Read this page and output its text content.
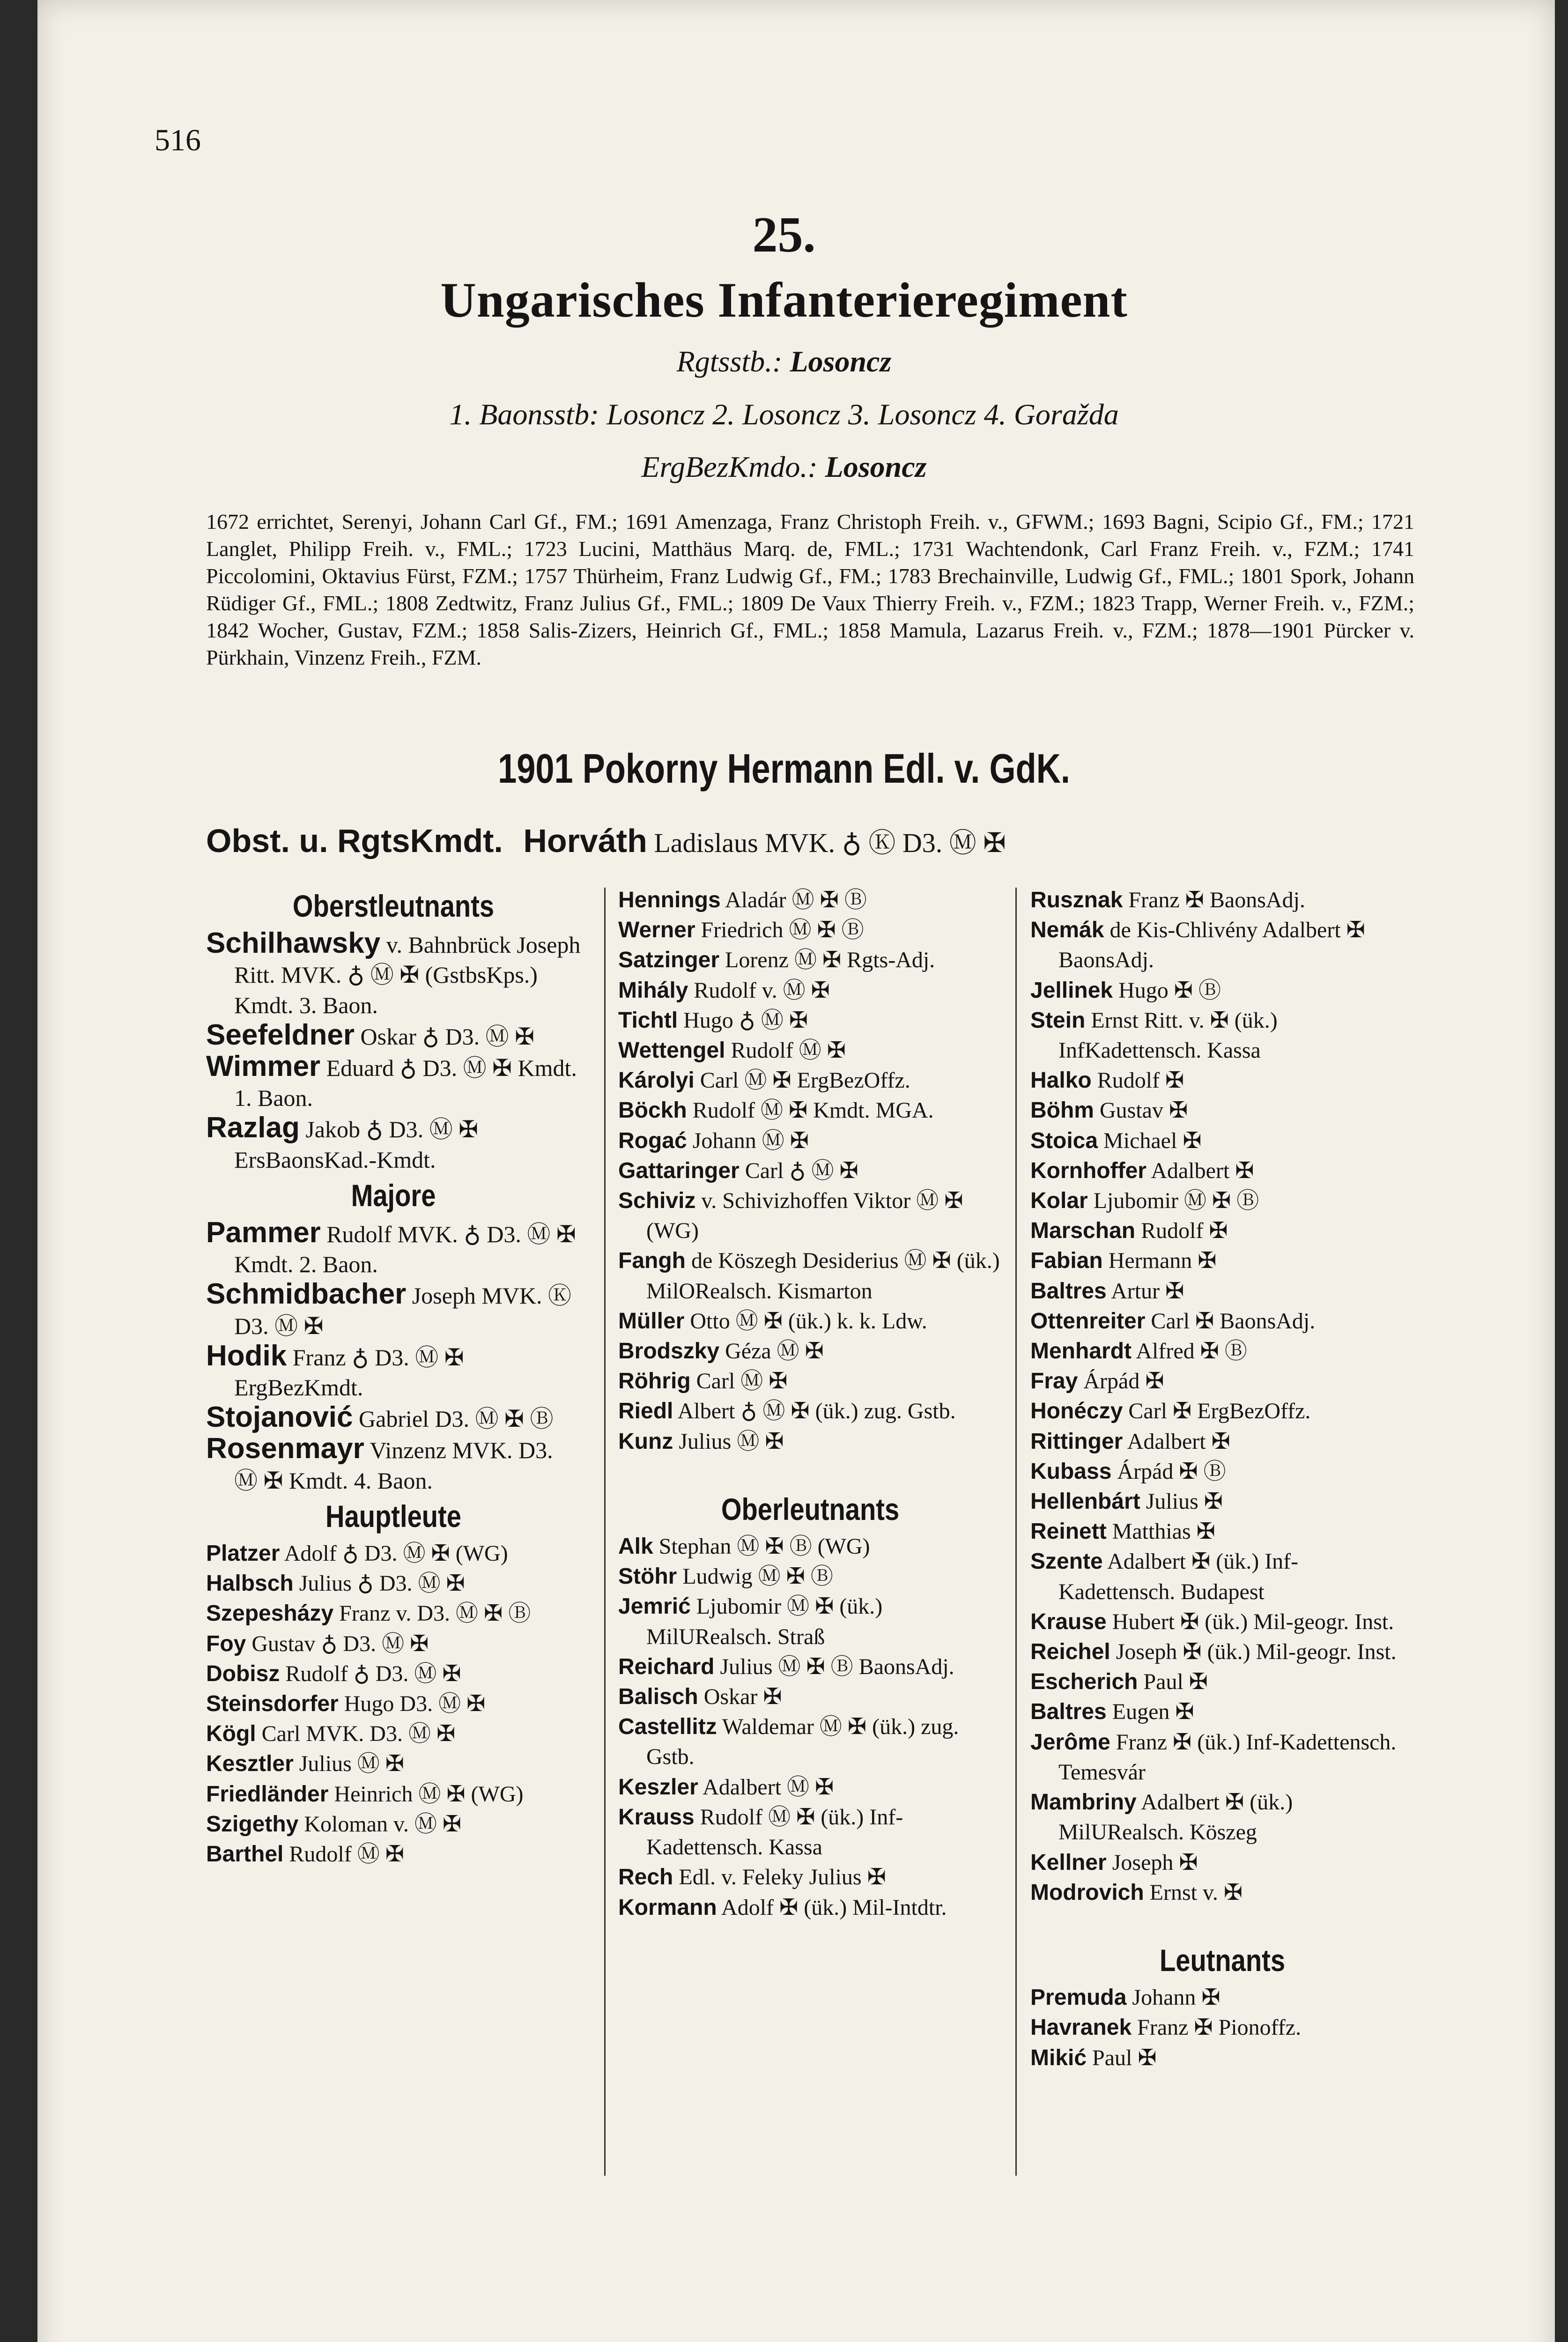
516
25.
Ungarisches Infanterieregiment
Rgtsstb.: Losoncz
1. Baonsstb: Losoncz 2. Losoncz 3. Losoncz 4. Goražda
ErgBezKmdo.: Losoncz
1672 errichtet, Serenyi, Johann Carl Gf., FM.; 1691 Amenzaga, Franz Christoph Freih. v., GFWM.; 1693 Bagni, Scipio Gf., FM.; 1721 Langlet, Philipp Freih. v., FML.; 1723 Lucini, Matthäus Marq. de, FML.; 1731 Wachtendonk, Carl Franz Freih. v., FZM.; 1741 Piccolomini, Oktavius Fürst, FZM.; 1757 Thürheim, Franz Ludwig Gf., FM.; 1783 Brechainville, Ludwig Gf., FML.; 1801 Spork, Johann Rüdiger Gf., FML.; 1808 Zedtwitz, Franz Julius Gf., FML.; 1809 De Vaux Thierry Freih. v., FZM.; 1823 Trapp, Werner Freih. v., FZM.; 1842 Wocher, Gustav, FZM.; 1858 Salis-Zizers, Heinrich Gf., FML.; 1858 Mamula, Lazarus Freih. v., FZM.; 1878—1901 Pürcker v. Pürkhain, Vinzenz Freih., FZM.
1901 Pokorny Hermann Edl. v. GdK.
Obst. u. RgtsKmdt. Horváth Ladislaus MVK. ♁ Ⓚ D3. Ⓜ ✠
Oberstleutnants

Schilhawsky v. Bahnbrück Joseph Ritt. MVK. ♁ Ⓜ ✠ (GstbsKps.) Kmdt. 3. Baon.

Seefeldner Oskar ♁ D3. Ⓜ ✠

Wimmer Eduard ♁ D3. Ⓜ ✠ Kmdt. 1. Baon.

Razlag Jakob ♁ D3. Ⓜ ✠ ErsBaonsKad.-Kmdt.

Majore

Pammer Rudolf MVK. ♁ D3. Ⓜ ✠ Kmdt. 2. Baon.

Schmidbacher Joseph MVK. Ⓚ D3. Ⓜ ✠

Hodik Franz ♁ D3. Ⓜ ✠ ErgBezKmdt.

Stojanović Gabriel D3. Ⓜ ✠ Ⓑ

Rosenmayr Vinzenz MVK. D3. Ⓜ ✠ Kmdt. 4. Baon.

Hauptleute

Platzer Adolf ♁ D3. Ⓜ ✠ (WG)

Halbsch Julius ♁ D3. Ⓜ ✠

Szepesházy Franz v. D3. Ⓜ ✠ Ⓑ

Foy Gustav ♁ D3. Ⓜ ✠

Dobisz Rudolf ♁ D3. Ⓜ ✠

Steinsdorfer Hugo D3. Ⓜ ✠

Kögl Carl MVK. D3. Ⓜ ✠

Kesztler Julius Ⓜ ✠

Friedländer Heinrich Ⓜ ✠ (WG)

Szigethy Koloman v. Ⓜ ✠

Barthel Rudolf Ⓜ ✠

Hennings Aladár Ⓜ ✠ Ⓑ

Werner Friedrich Ⓜ ✠ Ⓑ

Satzinger Lorenz Ⓜ ✠ Rgts-Adj.

Mihály Rudolf v. Ⓜ ✠

Tichtl Hugo ♁ Ⓜ ✠

Wettengel Rudolf Ⓜ ✠

Károlyi Carl Ⓜ ✠ ErgBezOffz.

Böckh Rudolf Ⓜ ✠ Kmdt. MGA.

Rogać Johann Ⓜ ✠

Gattaringer Carl ♁ Ⓜ ✠

Schiviz v. Schivizhoffen Viktor Ⓜ ✠ (WG)

Fangh de Köszegh Desiderius Ⓜ ✠ (ük.) MilORealsch. Kismarton

Müller Otto Ⓜ ✠ (ük.) k. k. Ldw.

Brodszky Géza Ⓜ ✠

Röhrig Carl Ⓜ ✠

Riedl Albert ♁ Ⓜ ✠ (ük.) zug. Gstb.

Kunz Julius Ⓜ ✠

Oberleutnants

Alk Stephan Ⓜ ✠ Ⓑ (WG)

Stöhr Ludwig Ⓜ ✠ Ⓑ

Jemrić Ljubomir Ⓜ ✠ (ük.) MilURealsch. Straß

Reichard Julius Ⓜ ✠ Ⓑ BaonsAdj.

Balisch Oskar ✠

Castellitz Waldemar Ⓜ ✠ (ük.) zug. Gstb.

Keszler Adalbert Ⓜ ✠

Krauss Rudolf Ⓜ ✠ (ük.) Inf-Kadettensch. Kassa

Rech Edl. v. Feleky Julius ✠

Kormann Adolf ✠ (ük.) Mil-Intdtr.

Rusznak Franz ✠ BaonsAdj.

Nemák de Kis-Chlivény Adalbert ✠ BaonsAdj.

Jellinek Hugo ✠ Ⓑ

Stein Ernst Ritt. v. ✠ (ük.) InfKadettensch. Kassa

Halko Rudolf ✠

Böhm Gustav ✠

Stoica Michael ✠

Kornhoffer Adalbert ✠

Kolar Ljubomir Ⓜ ✠ Ⓑ

Marschan Rudolf ✠

Fabian Hermann ✠

Baltres Artur ✠

Ottenreiter Carl ✠ BaonsAdj.

Menhardt Alfred ✠ Ⓑ

Fray Árpád ✠

Honéczy Carl ✠ ErgBezOffz.

Rittinger Adalbert ✠

Kubass Árpád ✠ Ⓑ

Hellenbárt Julius ✠

Reinett Matthias ✠

Szente Adalbert ✠ (ük.) Inf-Kadettensch. Budapest

Krause Hubert ✠ (ük.) Mil-geogr. Inst.

Reichel Joseph ✠ (ük.) Mil-geogr. Inst.

Escherich Paul ✠

Baltres Eugen ✠

Jerôme Franz ✠ (ük.) Inf-Kadettensch. Temesvár

Mambriny Adalbert ✠ (ük.) MilURealsch. Köszeg

Kellner Joseph ✠

Modrovich Ernst v. ✠

Leutnants

Premuda Johann ✠

Havranek Franz ✠ Pionoffz.

Mikić Paul ✠
